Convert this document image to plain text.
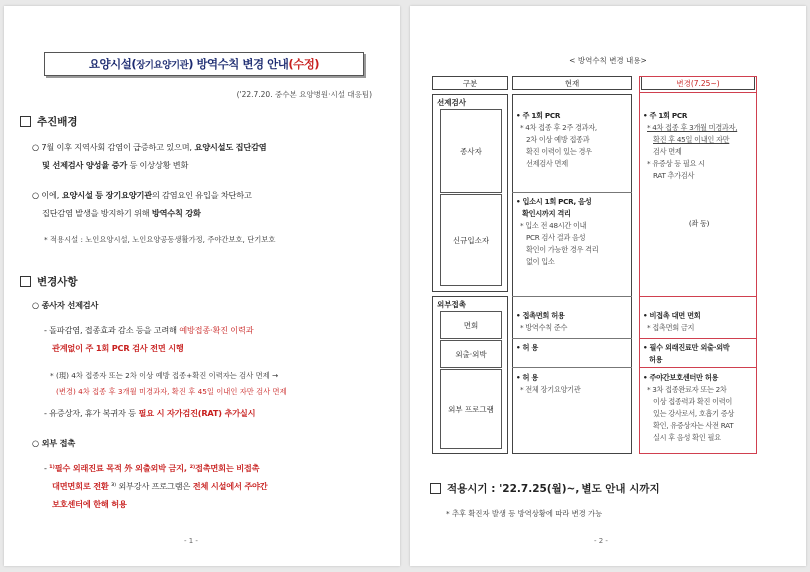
요양시설(장기요양기관) 방역수칙 변경 안내 (수정)
('22.7.20. 중수본 요양병원·시설 대응팀)
추진배경
○ 7월 이후 지역사회 감염이 급증하고 있으며, 요양시설도 집단감염
및 선제검사 양성율 증가 등 이상상황 변화
○ 이에, 요양시설 등 장기요양기관의 감염요인 유입을 차단하고
집단감염 발생을 방지하기 위해 방역수칙 강화
* 적용시설 : 노인요양시설, 노인요양공동생활가정, 주야간보호, 단기보호
변경사항
○ 종사자 선제검사
- 돌파감염, 접종효과 감소 등을 고려해 예방접종·확진 이력과
관계없이 주 1회 PCR 검사 전면 시행
* (現) 4차 접종자 또는 2차 이상 예방 접종+확진 이력자는 검사 면제 →
(변경) 4차 접종 후 3개월 미경과자, 확진 후 45일 이내인 자만 검사 면제
- 유증상자, 휴가 복귀자 등 필요 시 자가검진(RAT) 추가실시
○ 외부 접촉
- ¹⁾필수 외래진료 목적 外 외출외박 금지, ²⁾접촉면회는 비접촉
대면면회로 전환 ³⁾ 외부강사 프로그램은 전체 시설에서 주야간
보호센터에 한해 허용
- 1 -
< 방역수칙 변경 내용>
구분	현재	변경(7.25~)
선제검사
종사자
신규입소자
외부접촉
면회
외출·외박
외부 프로그램
• 주 1회 PCR
* 4차 접종 후 2주 경과자,
2차 이상 예방 접종과
확진 이력이 있는 경우
선제검사 면제
• 입소시 1회 PCR, 음성
확인시까지 격리
* 입소 전 48시간 이내
PCR 검사 결과 음성
확인이 가능한 경우 격리
없이 입소
• 접촉면회 허용
* 방역수칙 준수
• 허 용
• 허 용
* 전체 장기요양기관
• 주 1회 PCR
* 4차 접종 후 3개월 미경과자,
확진 후 45일 이내인 자만
검사 면제
* 유증상 등 필요 시
RAT 추가검사
(좌 동)
• 비접촉 대면 면회
* 접촉면회 금지
• 필수 외래진료만 외출·외박
허용
• 주야간보호센터만 허용
* 3차 접종완료자 또는 2차
이상 접종력과 확진 이력이
있는 강사로서, 호흡기 증상
확인, 유증상자는 사전 RAT
실시 후 음성 확인 필요
적용시기 : '22.7.25(월)~, 별도 안내 시까지
* 추후 확진자 발생 등 방역상황에 따라 변경 가능
- 2 -
